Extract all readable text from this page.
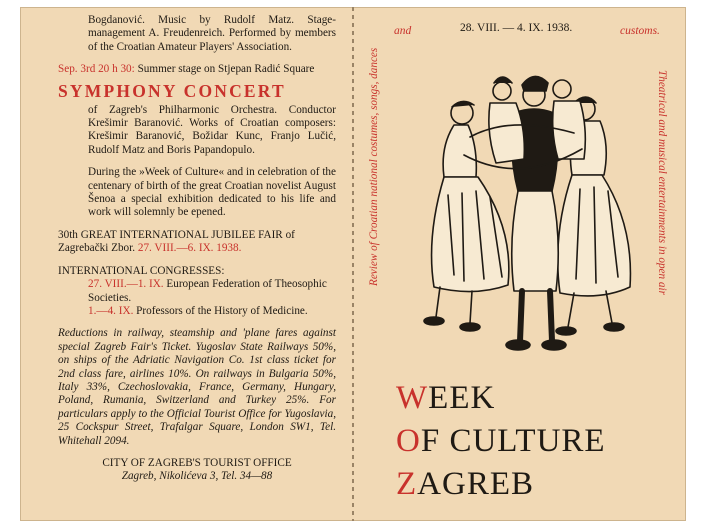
Bogdanović. Music by Rudolf Matz. Stage-management A. Freudenreich. Performed by members of the Croatian Amateur Players' Association.

Sep. 3rd 20 h 30: Summer stage on Stjepan Radić Square

SYMPHONY CONCERT

of Zagreb's Philharmonic Orchestra. Conductor Krešimir Baranović. Works of Croatian composers: Krešimir Baranović, Božidar Kunc, Franjo Lučić, Rudolf Matz and Boris Papandopulo.

During the »Week of Culture« and in celebration of the centenary of birth of the great Croatian novelist August Šenoa a special exhibition dedicated to his life and work will solemnly be epened.

30th GREAT INTERNATIONAL JUBILEE FAIR of Zagrebački Zbor. 27. VIII.—6. IX. 1938.

INTERNATIONAL CONGRESSES:

27. VIII.—1. IX. European Federation of Theosophic Societies.

1.—4. IX. Professors of the History of Medicine.

Reductions in railway, steamship and 'plane fares against special Zagreb Fair's Ticket. Yugoslav State Railways 50%, on ships of the Adriatic Navigation Co. 1st class ticket for 2nd class fare, airlines 10%. On railways in Bulgaria 50%, Italy 33%, Czechoslovakia, France, Germany, Hungary, Poland, Rumania, Switzerland and Turkey 25%. For particulars apply to the Official Tourist Office for Yugoslavia, 25 Cockspur Street, Trafalgar Square, London SW1, Tel. Whitehall 2094.

CITY OF ZAGREB'S TOURIST OFFICE

Zagreb, Nikolićeva 3, Tel. 34—88

and	28. VIII. — 4. IX. 1938.	customs.
Review of Croatian national costumes, songs, dances	Theatrical and musical entertainments in open air
WEEK
OF CULTURE
ZAGREB
